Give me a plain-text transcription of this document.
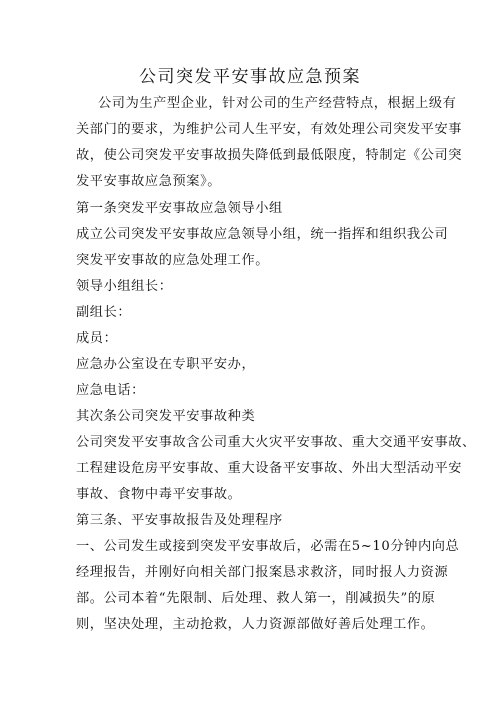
公司突发平安事故应急预案
公司为生产型企业，针对公司的生产经营特点，根据上级有
关部门的要求，为维护公司人生平安，有效处理公司突发平安事
故，使公司突发平安事故损失降低到最低限度，特制定《公司突
发平安事故应急预案》。
第一条突发平安事故应急领导小组
成立公司突发平安事故应急领导小组，统一指挥和组织我公司
突发平安事故的应急处理工作。
领导小组组长：
副组长：
成员：
应急办公室设在专职平安办，
应急电话：
其次条公司突发平安事故种类
公司突发平安事故含公司重大火灾平安事故、重大交通平安事故、
工程建设危房平安事故、重大设备平安事故、外出大型活动平安
事故、食物中毒平安事故。
第三条、平安事故报告及处理程序
一、公司发生或接到突发平安事故后，必需在5~10分钟内向总
经理报告，并刚好向相关部门报案恳求救济，同时报人力资源
部。公司本着“先限制、后处理、救人第一，削减损失”的原
则，坚决处理，主动抢救，人力资源部做好善后处理工作。
